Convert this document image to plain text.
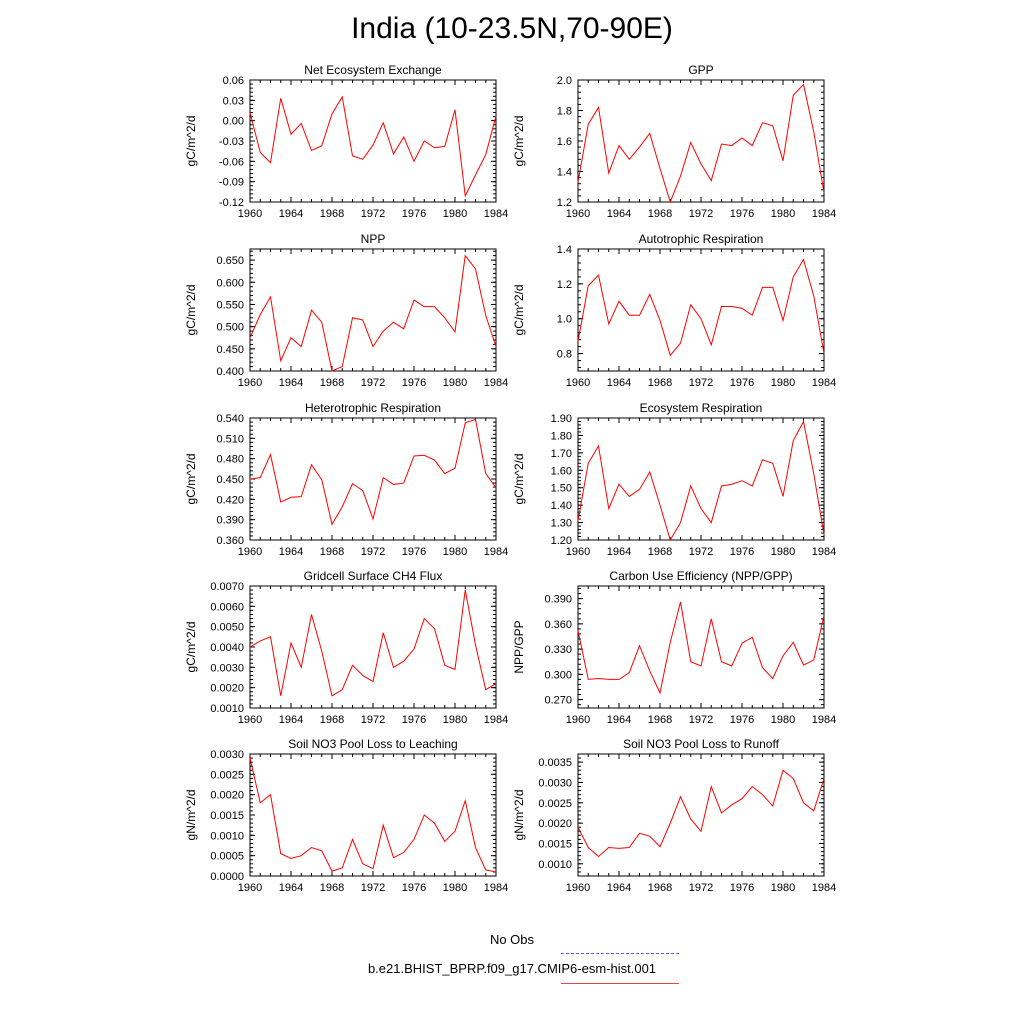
India (10-23.5N,70-90E)
Net Ecosystem Exchange
gC/m^2/d
1960 1964 1968 1972 1976 1980 1984
-0.12
-0.09
-0.06
-0.03
0.00
0.03
0.06
GPP
gC/m^2/d
1960 1964 1968 1972 1976 1980 1984
1.2
1.4
1.6
1.8
2.0
NPP
gC/m^2/d
1960 1964 1968 1972 1976 1980 1984
0.400
0.450
0.500
0.550
0.600
0.650
Autotrophic Respiration
gC/m^2/d
1960 1964 1968 1972 1976 1980 1984
0.8
1.0
1.2
1.4
Heterotrophic Respiration
gC/m^2/d
1960 1964 1968 1972 1976 1980 1984
0.360
0.390
0.420
0.450
0.480
0.510
0.540
Ecosystem Respiration
gC/m^2/d
1960 1964 1968 1972 1976 1980 1984
1.20
1.30
1.40
1.50
1.60
1.70
1.80
1.90
Gridcell Surface CH4 Flux
gC/m^2/d
1960 1964 1968 1972 1976 1980 1984
0.0010
0.0020
0.0030
0.0040
0.0050
0.0060
0.0070
Carbon Use Efficiency (NPP/GPP)
NPP/GPP
1960 1964 1968 1972 1976 1980 1984
0.270
0.300
0.330
0.360
0.390
Soil NO3 Pool Loss to Leaching
gN/m^2/d
1960 1964 1968 1972 1976 1980 1984
0.0000
0.0005
0.0010
0.0015
0.0020
0.0025
0.0030
Soil NO3 Pool Loss to Runoff
gN/m^2/d
1960 1964 1968 1972 1976 1980 1984
0.0010
0.0015
0.0020
0.0025
0.0030
0.0035
No Obs
b.e21.BHIST_BPRP.f09_g17.CMIP6-esm-hist.001
